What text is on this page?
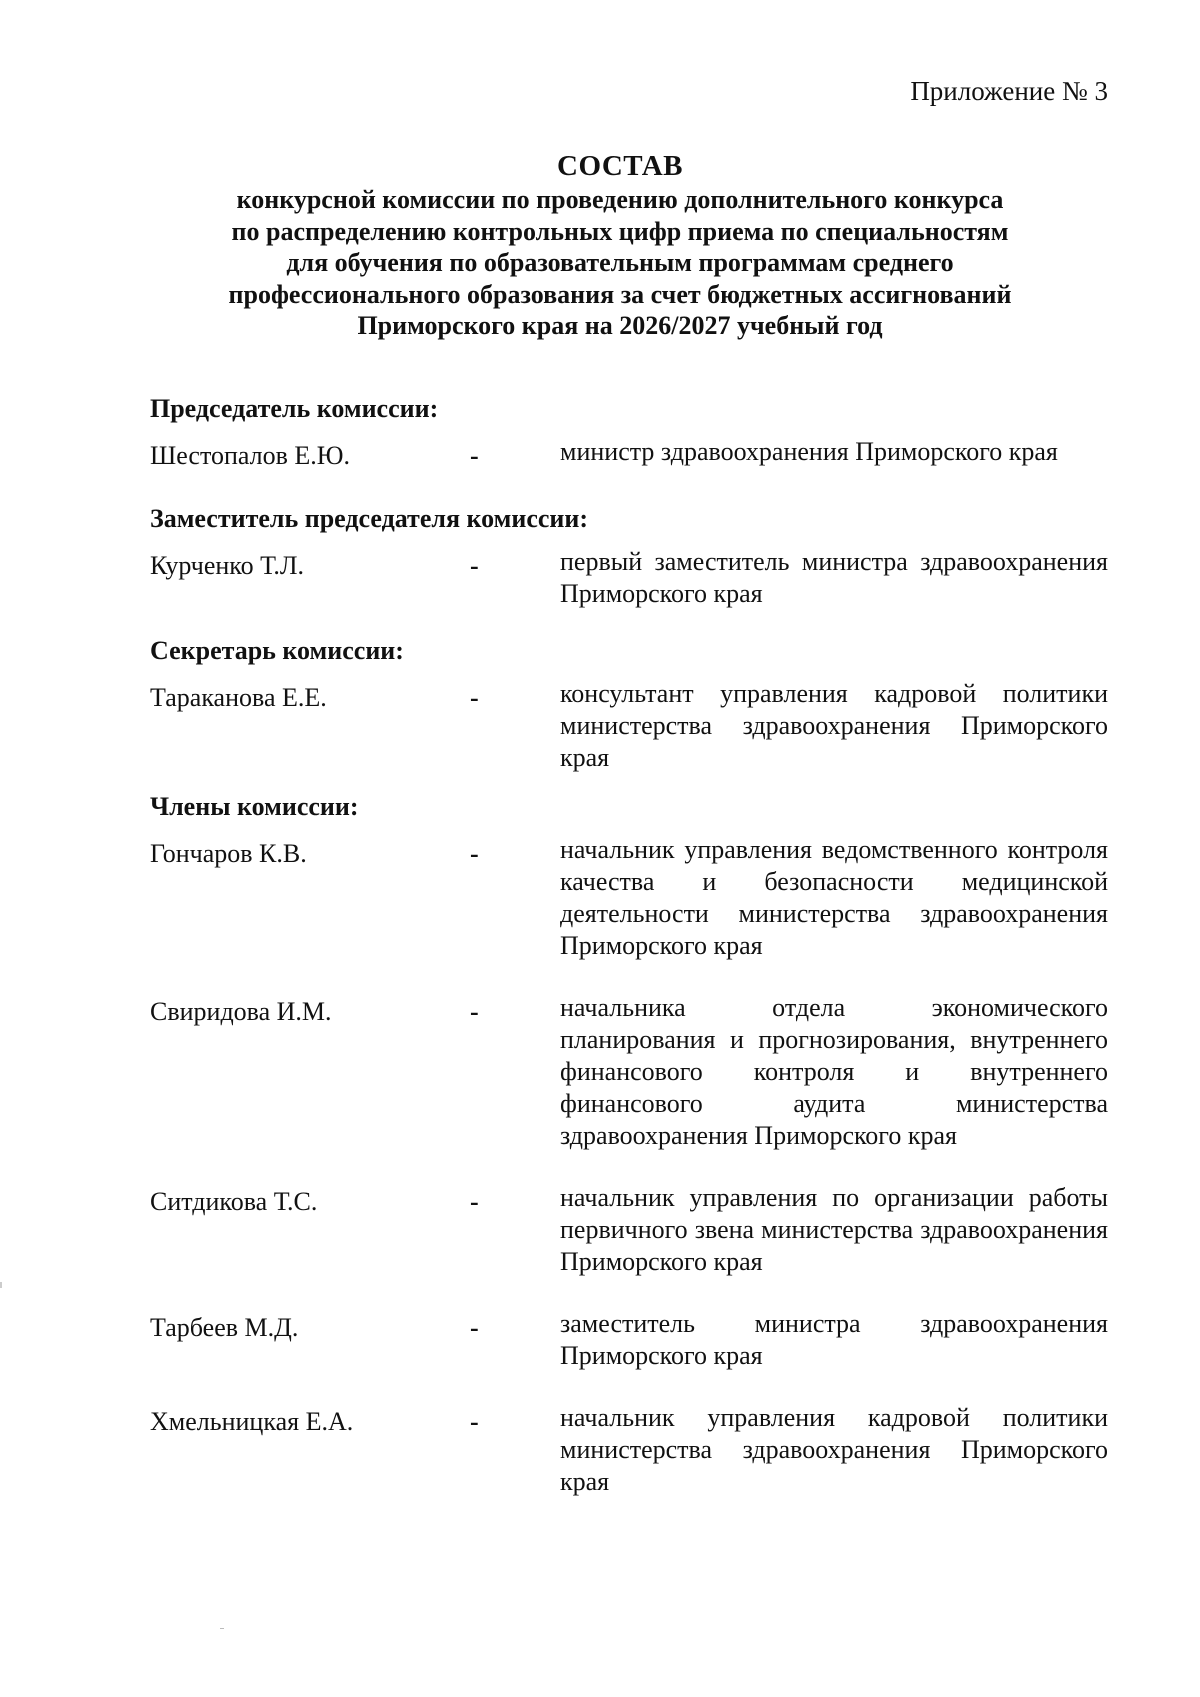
Приложение № 3
СОСТАВ
конкурсной комиссии по проведению дополнительного конкурса
по распределению контрольных цифр приема по специальностям
для обучения по образовательным программам среднего
профессионального образования за счет бюджетных ассигнований
Приморского края на 2026/2027 учебный год
Председатель комиссии:
Шестопалов Е.Ю.	-	министр здравоохранения Приморского края
Заместитель председателя комиссии:
Курченко Т.Л.	-	первый заместитель министра здравоохранения Приморского края
Секретарь комиссии:
Тараканова Е.Е.	-	консультант управления кадровой политики министерства здравоохранения Приморского края
Члены комиссии:
Гончаров К.В.	-	начальник управления ведомственного контроля качества и безопасности медицинской деятельности министерства здравоохранения Приморского края
Свиридова И.М.	-	начальника отдела экономического планирования и прогнозирования, внутреннего финансового контроля и внутреннего финансового аудита министерства здравоохранения Приморского края
Ситдикова Т.С.	-	начальник управления по организации работы первичного звена министерства здравоохранения Приморского края
Тарбеев М.Д.	-	заместитель министра здравоохранения Приморского края
Хмельницкая Е.А.	-	начальник управления кадровой политики министерства здравоохранения Приморского края
